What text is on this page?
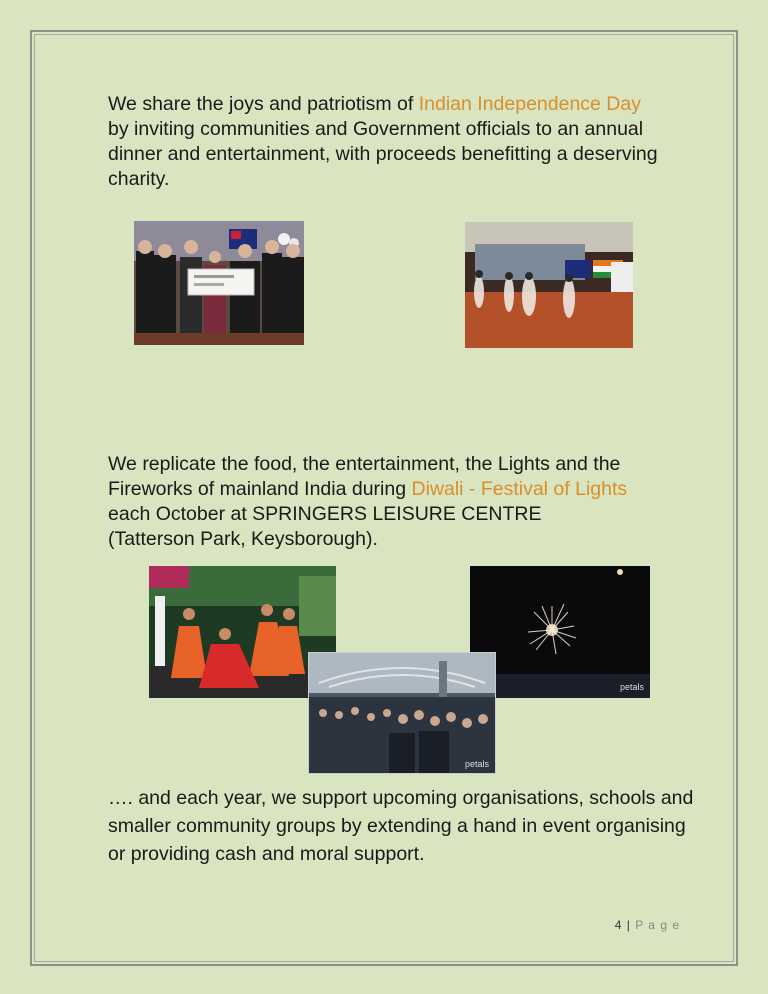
We share the joys and patriotism of Indian Independence Day
by inviting communities and Government officials to an annual dinner and entertainment, with proceeds benefitting a deserving charity.

We replicate the food, the entertainment, the Lights and the Fireworks of mainland India during Diwali - Festival of Lights
each October at SPRINGERS LEISURE CENTRE
(Tatterson Park, Keysborough).

petals
petals

…. and each year, we support upcoming organisations, schools and smaller community groups by extending a hand in event organising or providing cash and moral support.

4 | P a g e
